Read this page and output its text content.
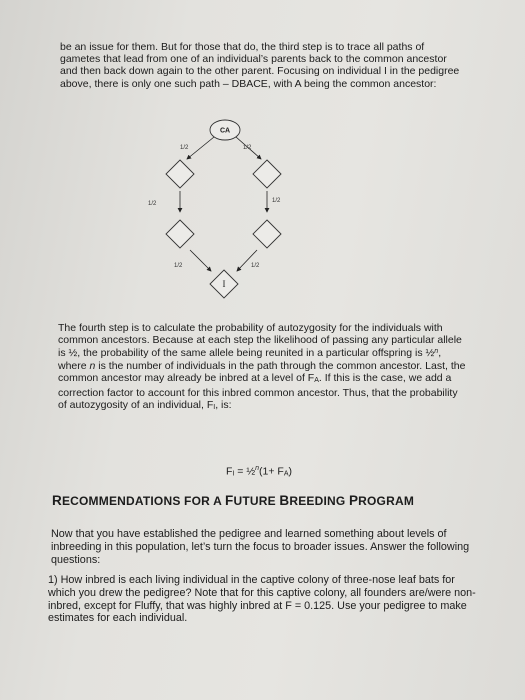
be an issue for them. But for those that do, the third step is to trace all paths of gametes that lead from one of an individual’s parents back to the common ancestor and then back down again to the other parent. Focusing on individual I in the pedigree above, there is only one such path – DBACE, with A being the common ancestor:
CA
1/2	1/2
1/2	1/2
1/2	1/2
I
The fourth step is to calculate the probability of autozygosity for the individuals with common ancestors. Because at each step the likelihood of passing any particular allele is ½, the probability of the same allele being reunited in a particular offspring is ½$^n$, where n is the number of individuals in the path through the common ancestor. Last, the common ancestor may already be inbred at a level of FA. If this is the case, we add a correction factor to account for this inbred common ancestor. Thus, that the probability of autozygosity of an individual, FI, is:
FI = ½$^n$(1+ FA)
RECOMMENDATIONS FOR A FUTURE BREEDING PROGRAM
Now that you have established the pedigree and learned something about levels of inbreeding in this population, let’s turn the focus to broader issues. Answer the following questions:
1) How inbred is each living individual in the captive colony of three-nose leaf bats for which you drew the pedigree? Note that for this captive colony, all founders are/were non-inbred, except for Fluffy, that was highly inbred at F = 0.125. Use your pedigree to make estimates for each individual.
